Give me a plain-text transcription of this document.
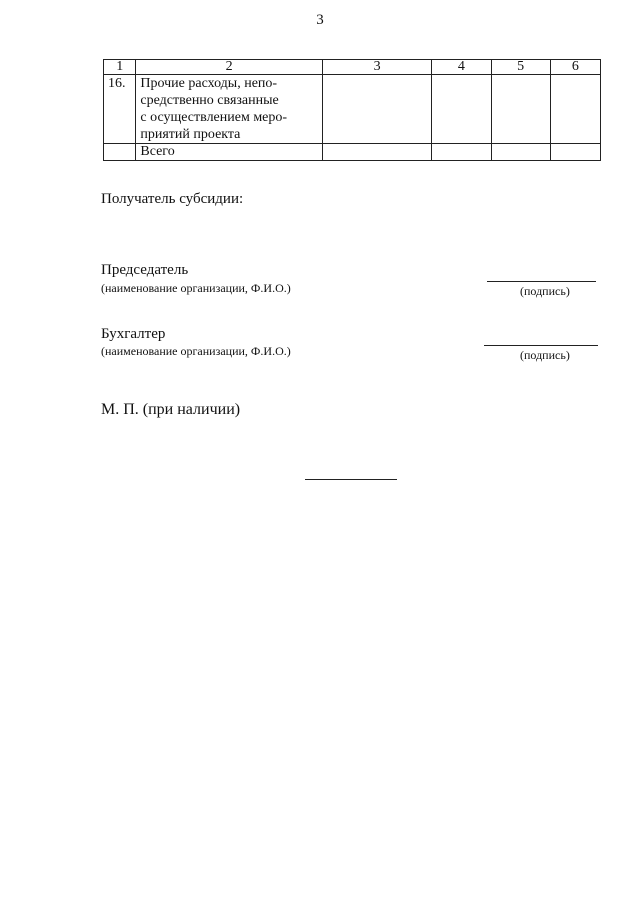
3
1	2	3	4	5	6
16.	Прочие расходы, непо-
средственно связанные
с осуществлением меро-
приятий проекта				

	Всего				
Получатель субсидии:
Председатель
(наименование организации, Ф.И.О.)	(подпись)
Бухгалтер
(наименование организации, Ф.И.О.)	(подпись)
М. П. (при наличии)
